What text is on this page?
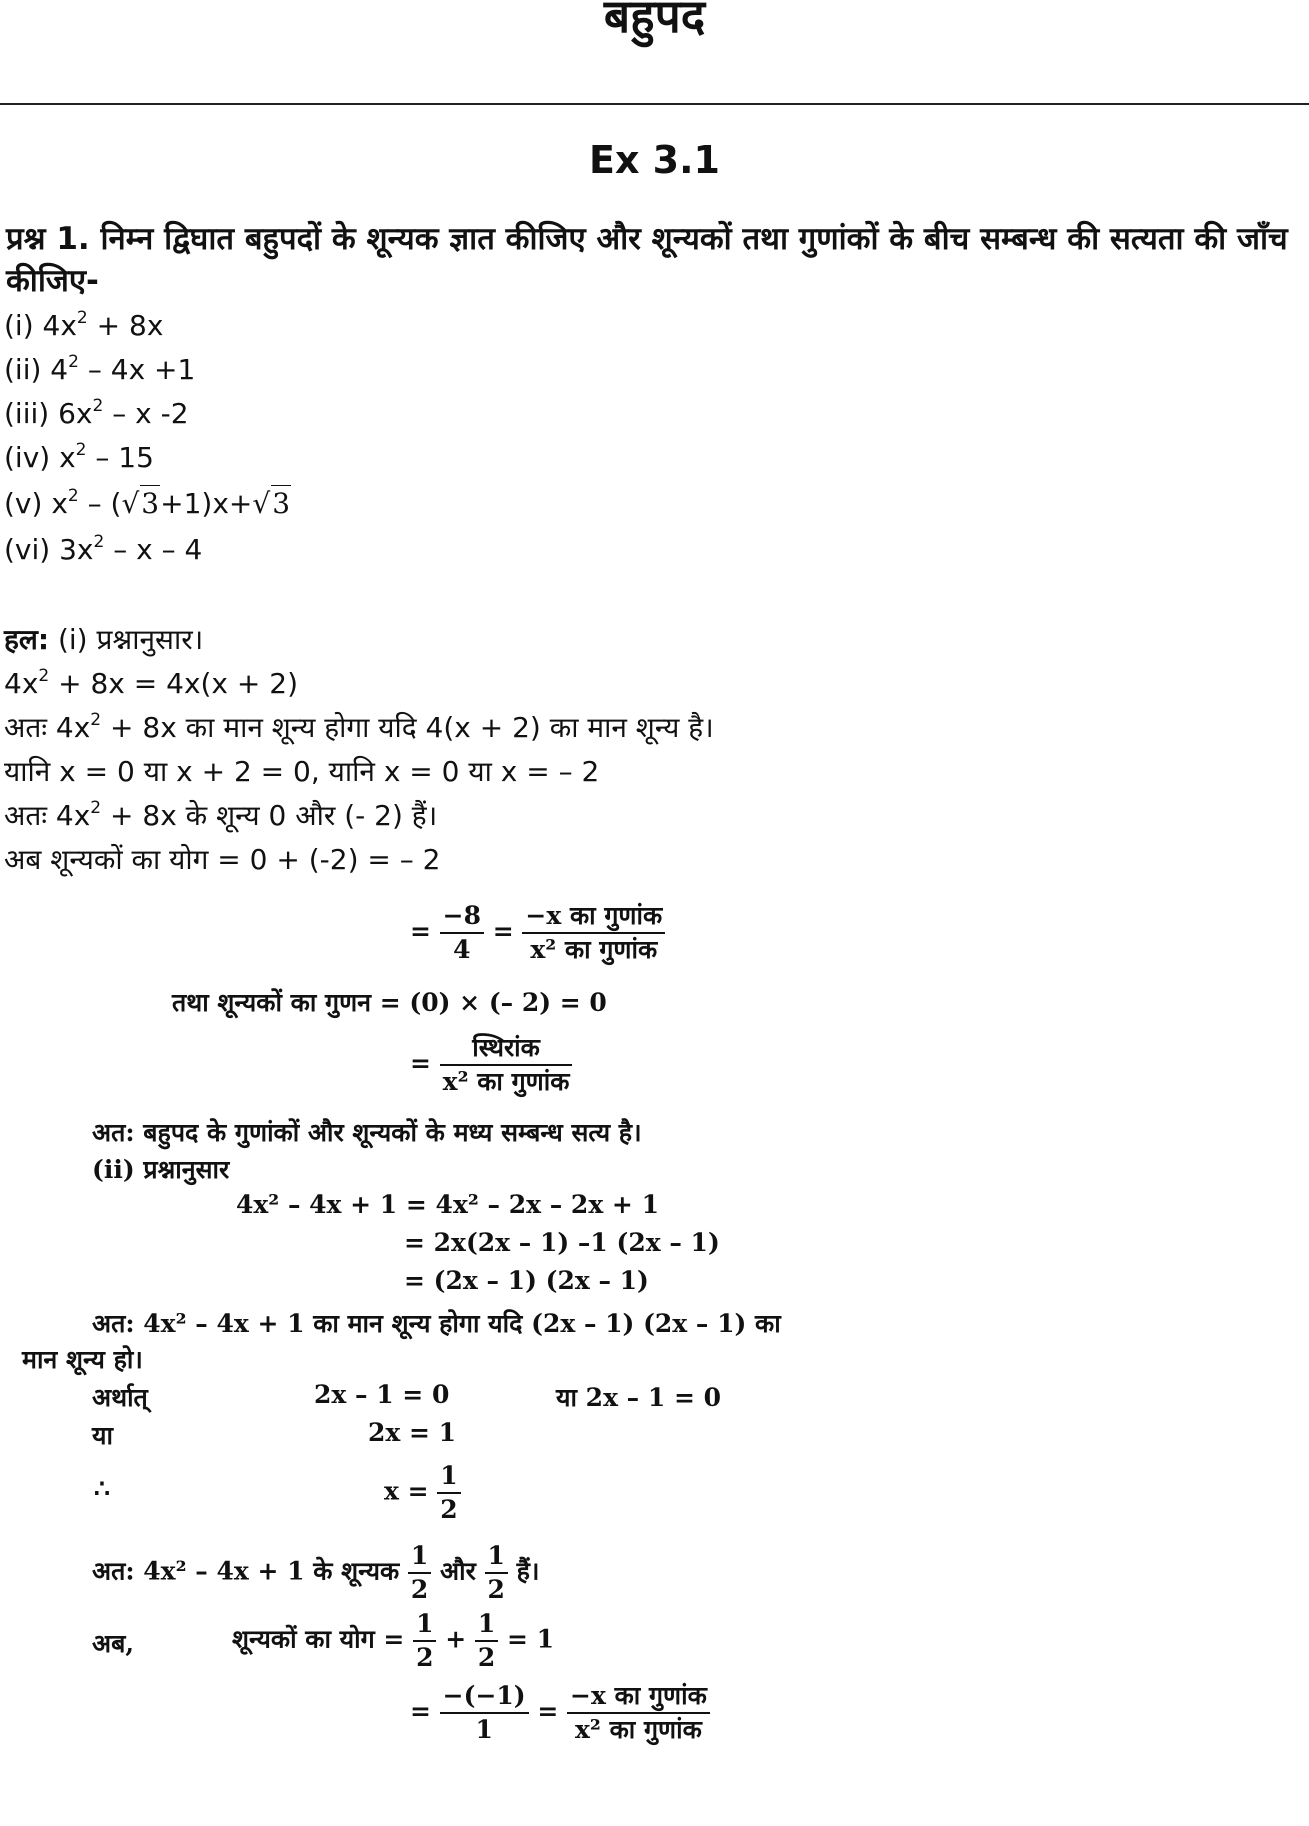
बहुपद
Ex 3.1
प्रश्न 1. निम्न द्विघात बहुपदों के शून्यक ज्ञात कीजिए और शून्यकों तथा गुणांकों के बीच सम्बन्ध की सत्यता की जाँच कीजिए-
(i) $4x^2 + 8x$
(ii) $4^2 - 4x +1$
(iii) $6x^2$ – x -2
(iv) $x^2 - 15$
(v) $x^2 - (√3+1)x+√3$
(vi) $3x^2$ – x – 4
हल: (i) प्रश्नानुसार।
$4x^2 + 8x = 4x(x + 2)$
अतः $4x^2 + 8x$ का मान शून्य होगा यदि 4(x + 2) का मान शून्य है।
यानि x = 0 या x + 2 = 0, यानि x = 0 या x = – 2
अतः $4x^2 + 8x$ के शून्य 0 और (- 2) हैं।
अब शून्यकों का योग = 0 + (-2) = – 2
= $\frac{-8}{4}$ =
−x का गुणांक
x² का गुणांक
तथा शून्यकों का गुणन = (0) × (– 2) = 0
=
स्थिरांक
x² का गुणांक
अत: बहुपद के गुणांकों और शून्यकों के मध्य सम्बन्ध सत्य है।
(ii) प्रश्नानुसार
4x² – 4x + 1 = 4x² – 2x – 2x + 1
= 2x(2x – 1) –1 (2x – 1)
= (2x – 1) (2x – 1)
अत: 4x² – 4x + 1 का मान शून्य होगा यदि (2x – 1) (2x – 1) का
मान शून्य हो।
अर्थात्	2x – 1 = 0	या 2x – 1 = 0
या	2x = 1
∴	$x = \frac{1}{2}$
अत: 4x² – 4x + 1 के शून्यक $\frac{1}{2}$ और $\frac{1}{2}$ हैं।
अब,	शून्यकों का योग = $\frac{1}{2} + \frac{1}{2} = 1$
= $\frac{-(-1)}{1}$ =
−x का गुणांक
x² का गुणांक
